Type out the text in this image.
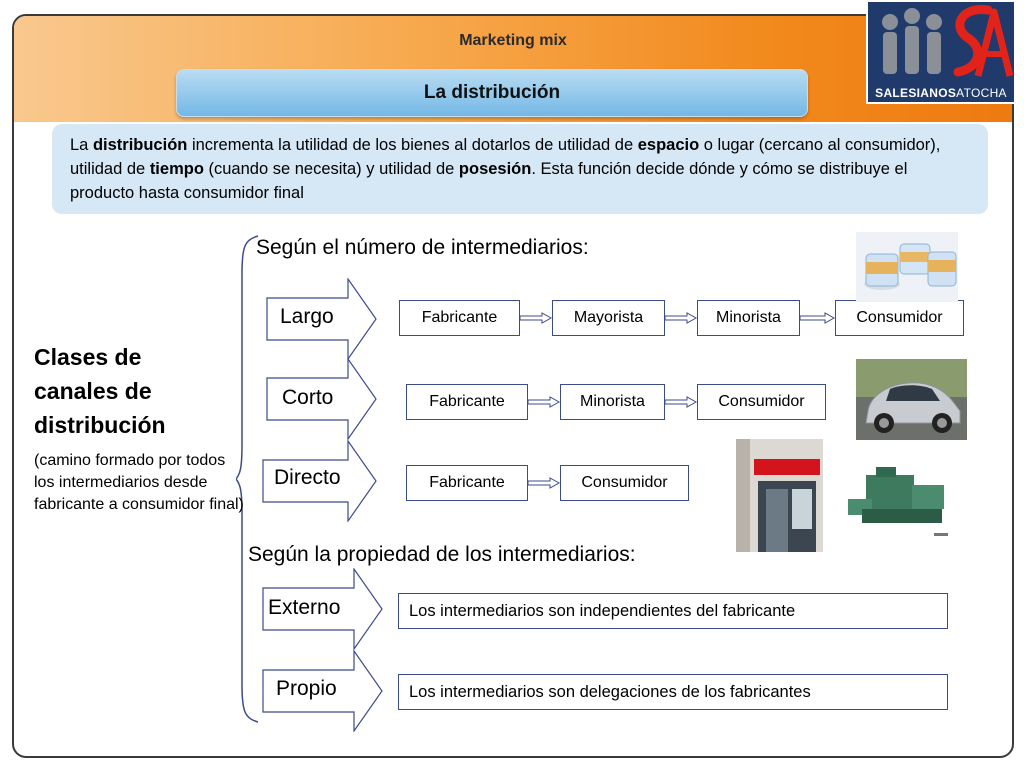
Marketing mix
La distribución	SALESIANOSATOCHA
La distribución incrementa la utilidad de los bienes al dotarlos de utilidad de espacio o lugar (cercano al consumidor), utilidad de tiempo (cuando se necesita) y utilidad de posesión. Esta función decide dónde y cómo se distribuye el producto hasta consumidor final
Según el número de intermediarios:
Según la propiedad de los intermediarios:
Clases de
canales de
distribución
(camino formado por todos los intermediarios desde fabricante a consumidor final)
Largo
Corto
Directo
Externo
Propio
Fabricante	Mayorista	Minorista	Consumidor
Fabricante	Minorista	Consumidor
Fabricante	Consumidor
Los intermediarios son independientes del fabricante
Los intermediarios son delegaciones de los fabricantes
